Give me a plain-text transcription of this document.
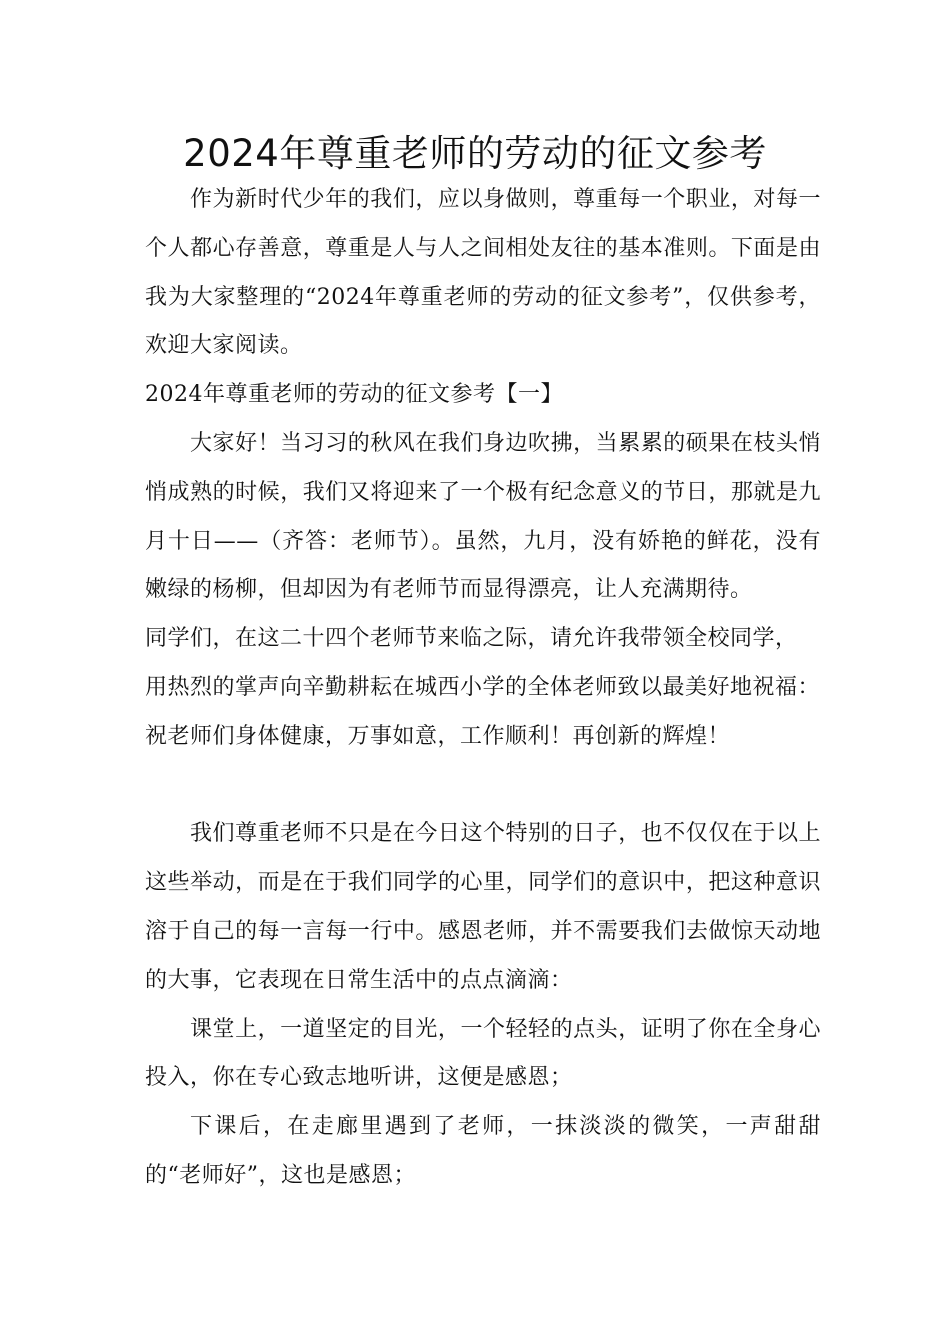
2024年尊重老师的劳动的征文参考

作为新时代少年的我们，应以身做则，尊重每一个职业，对每一个人都心存善意，尊重是人与人之间相处友往的基本准则。下面是由我为大家整理的“2024年尊重老师的劳动的征文参考”，仅供参考，欢迎大家阅读。

2024年尊重老师的劳动的征文参考【一】

大家好！当习习的秋风在我们身边吹拂，当累累的硕果在枝头悄悄成熟的时候，我们又将迎来了一个极有纪念意义的节日，那就是九月十日——（齐答：老师节）。虽然，九月，没有娇艳的鲜花，没有嫩绿的杨柳，但却因为有老师节而显得漂亮，让人充满期待。

同学们，在这二十四个老师节来临之际，请允许我带领全校同学，

用热烈的掌声向辛勤耕耘在城西小学的全体老师致以最美好地祝福：

祝老师们身体健康，万事如意，工作顺利！再创新的辉煌！

我们尊重老师不只是在今日这个特别的日子，也不仅仅在于以上这些举动，而是在于我们同学的心里，同学们的意识中，把这种意识溶于自己的每一言每一行中。感恩老师，并不需要我们去做惊天动地的大事，它表现在日常生活中的点点滴滴：

课堂上，一道坚定的目光，一个轻轻的点头，证明了你在全身心投入，你在专心致志地听讲，这便是感恩；

下课后，在走廊里遇到了老师，一抹淡淡的微笑，一声甜甜的“老师好”，这也是感恩；
